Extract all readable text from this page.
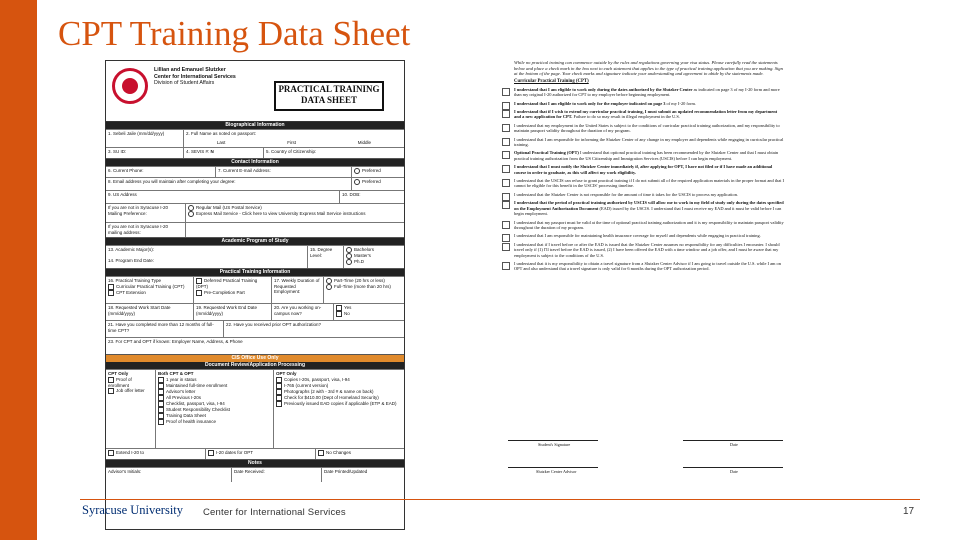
CPT Training Data Sheet
Lillian and Emanuel Slutzker
Center for International Services
Division of Student Affairs
PRACTICAL TRAINING
DATA SHEET
Biographical Information
1. Sebeli Jaile (mm/dd/yyyy)	2. Full Name as noted on passport:
Last	First	Middle
3. SU ID:	4. SEVIS #: N	5. Country of Citizenship:
Contact Information
6. Current Phone:	7. Current E-mail Address:	Preferred
8. Email address you will maintain after completing your degree:	Preferred
9. US Address	10. DOB:
If you are not in Syracuse I-20 Mailing Preference:
Regular Mail (US Postal Service)
Express Mail Service - Click here to view University Express Mail Service instructions
If you are not in Syracuse I-20 mailing address:
Academic Program of Study
13. Academic Major(s):
14. Program End Date:
15. Degree Level:
Bachelors
Master's
Ph.D
Practical Training Information
16. Practical Training Type
Curricular Practical Training (CPT)
CPT Extension
Deferred Practical Training (DPT)
Pre-Completion Part
17. Weekly Duration of Requested Employment:
Part-Time (20 hrs or less)
Full-Time (more than 20 hrs)
18. Requested Work Start Date (mm/dd/yyyy)
19. Requested Work End Date (mm/dd/yyyy)
20. Are you working on-campus now?
Yes
No
21. Have you completed more than 12 months of full-time CPT?
22. Have you received prior OPT authorization?
23. For CPT and OPT if known: Employer Name, Address, & Phone
CIS Office Use Only
Document Review/Application Processing
CPT Only
Proof of enrollment
Job offer letter
Both CPT & OPT
1 year in status
Maintained full-time enrollment
Advisor's letter
All Previous I-20s
Checklist, passport, visa, I-94
Student Responsibility Checklist
Training Data Sheet
Proof of health insurance
OPT Only
Copies I-20s, passport, visa, I-94
I-765 (current version)
Photographs (2 with - 3rd # & name on back)
Check for $410.00 (Dept of Homeland Security)
Previously issued EAD copies if applicable (ETP & EAD)
Extend I-20 to	I-20 dates for OPT	No Changes
Notes
Advisor's Initials:	Date Received:	Date Printed/Updated
While no practical training can commence outside by the rules and regulations governing your visa status. Please carefully read the statements below and place a check mark in the box next to each statement that applies to the type of practical training application that you are making. Sign at the bottom of the page. Your check marks and signature indicate your understanding and agreement to abide by the statements made.
Curricular Practical Training (CPT)
I understand that I am eligible to work only during the dates authorized by the Slutzker Center as indicated on page 3 of my I-20 form and more than my original I-20 authorized for CPT to my employer before beginning employment.
I understand that I am eligible to work only for the employer indicated on page 3 of my I-20 form.
I understand that if I wish to extend my curricular practical training, I must submit an updated recommendation letter from my department and a new application for CPT. Failure to do so may result in illegal employment in the U.S.
I understand that my employment in the United States is subject to the conditions of curricular practical training authorization, and my responsibility to maintain passport validity throughout the duration of my program.
I understand that I am responsible for informing the Slutzker Center of any change in my employer and dependents while engaging in curricular practical training.
Optional Practical Training (OPT) I understand that optional practical training has been recommended by the Slutzker Center and that I must obtain practical training authorization from the US Citizenship and Immigration Services (USCIS) before I can begin employment.
I understand that I must notify the Slutzker Center immediately if, after applying for OPT, I have not filed or if I have made an additional course in order to graduate, as this will affect my work eligibility.
I understand that the USCIS can refuse to grant practical training if I do not submit all of the required application materials in the proper format and that I cannot be eligible for this benefit in the USCIS' processing timeline.
I understand that the Slutzker Center is not responsible for the amount of time it takes for the USCIS to process my application.
I understand that the period of practical training authorized by USCIS will allow me to work in my field of study only during the dates specified on the Employment Authorization Document (EAD) issued by the USCIS. I understand that I must receive my EAD and it must be valid before I can begin employment.
I understand that my passport must be valid at the time of optional practical training authorization and it is my responsibility to maintain passport validity throughout the duration of my program.
I understand that I am responsible for maintaining health insurance coverage for myself and dependents while engaging in practical training.
I understand that if I travel before or after the EAD is issued that the Slutzker Center assumes no responsibility for any difficulties I encounter. I should travel only if (1) I'll travel before the EAD is issued, (2) I have been offered the EAD with a time window and a job offer, and I must be aware that my employment is subject to the conditions of the U.S.
I understand that it is my responsibility to obtain a travel signature from a Slutzker Center Advisor if I am going to travel outside the U.S. while I am on OPT and also understand that a travel signature is only valid for 6 months during the OPT authorization period.
Student's Signature	Date
Slutzker Center Advisor	Date
Syracuse University Center for International Services	17
